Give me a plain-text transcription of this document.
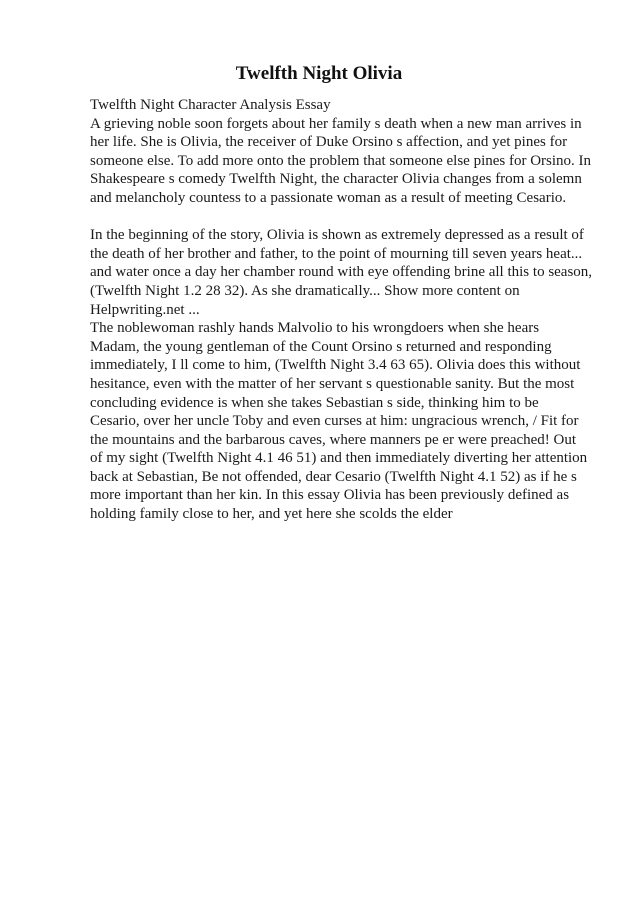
Twelfth Night Olivia
Twelfth Night Character Analysis Essay
A grieving noble soon forgets about her family s death when a new man arrives in
her life. She is Olivia, the receiver of Duke Orsino s affection, and yet pines for
someone else. To add more onto the problem that someone else pines for Orsino. In
Shakespeare s comedy Twelfth Night, the character Olivia changes from a solemn
and melancholy countess to a passionate woman as a result of meeting Cesario.
In the beginning of the story, Olivia is shown as extremely depressed as a result of
the death of her brother and father, to the point of mourning till seven years heat...
and water once a day her chamber round with eye offending brine all this to season,
(Twelfth Night 1.2 28 32). As she dramatically... Show more content on
Helpwriting.net ...
The noblewoman rashly hands Malvolio to his wrongdoers when she hears
Madam, the young gentleman of the Count Orsino s returned and responding
immediately, I ll come to him, (Twelfth Night 3.4 63 65). Olivia does this without
hesitance, even with the matter of her servant s questionable sanity. But the most
concluding evidence is when she takes Sebastian s side, thinking him to be
Cesario, over her uncle Toby and even curses at him: ungracious wrench, / Fit for
the mountains and the barbarous caves, where manners pe er were preached! Out
of my sight (Twelfth Night 4.1 46 51) and then immediately diverting her attention
back at Sebastian, Be not offended, dear Cesario (Twelfth Night 4.1 52) as if he s
more important than her kin. In this essay Olivia has been previously defined as
holding family close to her, and yet here she scolds the elder
